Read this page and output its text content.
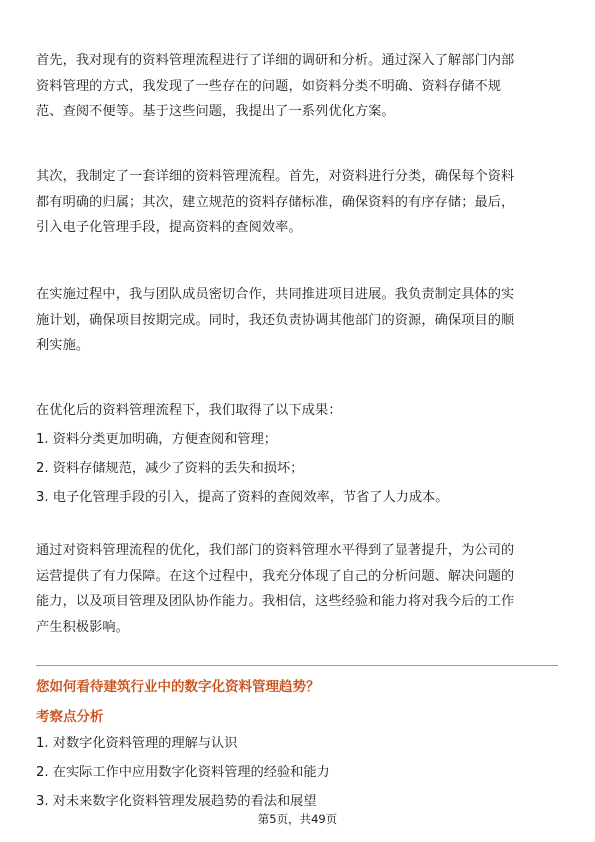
首先，我对现有的资料管理流程进行了详细的调研和分析。通过深入了解部门内部
资料管理的方式，我发现了一些存在的问题，如资料分类不明确、资料存储不规
范、查阅不便等。基于这些问题，我提出了一系列优化方案。
其次，我制定了一套详细的资料管理流程。首先，对资料进行分类，确保每个资料
都有明确的归属；其次，建立规范的资料存储标准，确保资料的有序存储；最后，
引入电子化管理手段，提高资料的查阅效率。
在实施过程中，我与团队成员密切合作，共同推进项目进展。我负责制定具体的实
施计划，确保项目按期完成。同时，我还负责协调其他部门的资源，确保项目的顺
利实施。
在优化后的资料管理流程下，我们取得了以下成果：
1. 资料分类更加明确，方便查阅和管理；
2. 资料存储规范，减少了资料的丢失和损坏；
3. 电子化管理手段的引入，提高了资料的查阅效率，节省了人力成本。
通过对资料管理流程的优化，我们部门的资料管理水平得到了显著提升，为公司的
运营提供了有力保障。在这个过程中，我充分体现了自己的分析问题、解决问题的
能力，以及项目管理及团队协作能力。我相信，这些经验和能力将对我今后的工作
产生积极影响。
您如何看待建筑行业中的数字化资料管理趋势？
考察点分析
1. 对数字化资料管理的理解与认识
2. 在实际工作中应用数字化资料管理的经验和能力
3. 对未来数字化资料管理发展趋势的看法和展望
第5页，共49页
